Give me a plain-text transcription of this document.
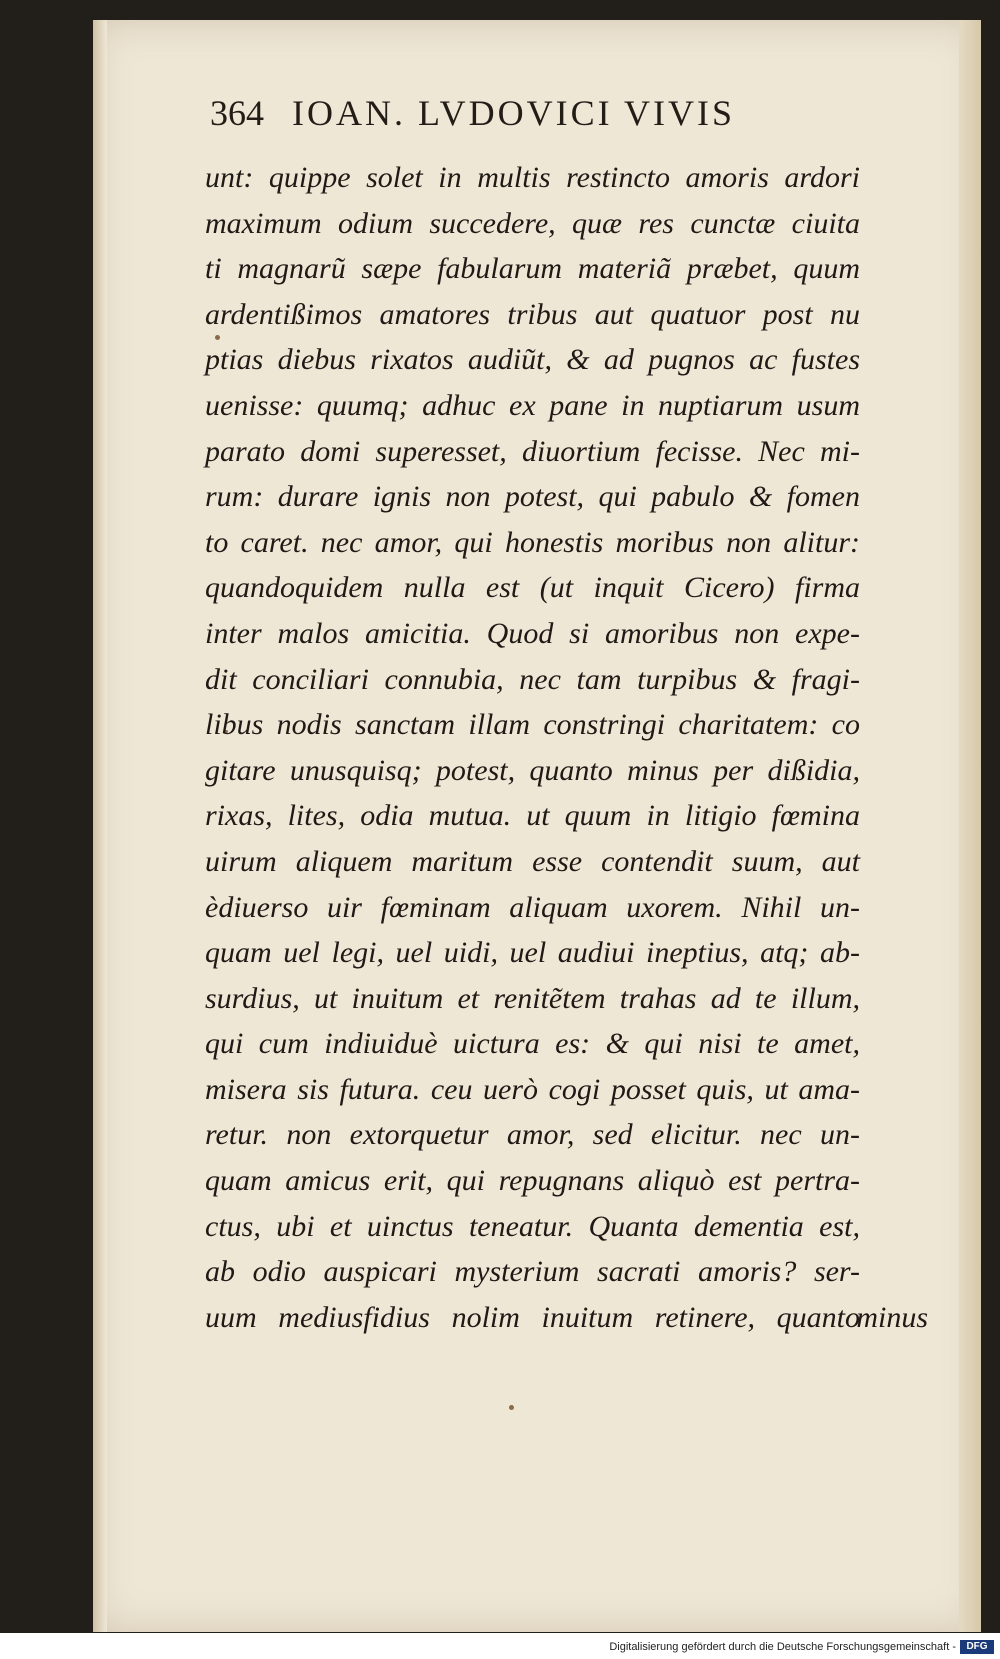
364 IOAN. LVDOVICI VIVIS
unt: quippe solet in multis restincto amoris ardori
maximum odium succedere, quæ res cunctæ ciuita
ti magnarũ sæpe fabularum materiã præbet, quum
ardentißimos amatores tribus aut quatuor post nu
ptias diebus rixatos audiũt, & ad pugnos ac fustes
uenisse: quumq; adhuc ex pane in nuptiarum usum
parato domi superesset, diuortium fecisse. Nec mi-
rum: durare ignis non potest, qui pabulo & fomen
to caret. nec amor, qui honestis moribus non alitur:
quandoquidem nulla est (ut inquit Cicero) firma
inter malos amicitia. Quod si amoribus non expe-
dit conciliari connubia, nec tam turpibus & fragi-
libus nodis sanctam illam constringi charitatem: co
gitare unusquisq; potest, quanto minus per dißidia,
rixas, lites, odia mutua. ut quum in litigio fœmina
uirum aliquem maritum esse contendit suum, aut
èdiuerso uir fœminam aliquam uxorem. Nihil un-
quam uel legi, uel uidi, uel audiui ineptius, atq; ab-
surdius, ut inuitum et renitẽtem trahas ad te illum,
qui cum indiuiduè uictura es: & qui nisi te amet,
misera sis futura. ceu uerò cogi posset quis, ut ama-
retur. non extorquetur amor, sed elicitur. nec un-
quam amicus erit, qui repugnans aliquò est pertra-
ctus, ubi et uinctus teneatur. Quanta dementia est,
ab odio auspicari mysterium sacrati amoris? ser-
uum mediusfidius nolim inuitum retinere, quanto
minus
Digitalisierung gefördert durch die Deutsche Forschungsgemeinschaft -	DFG
